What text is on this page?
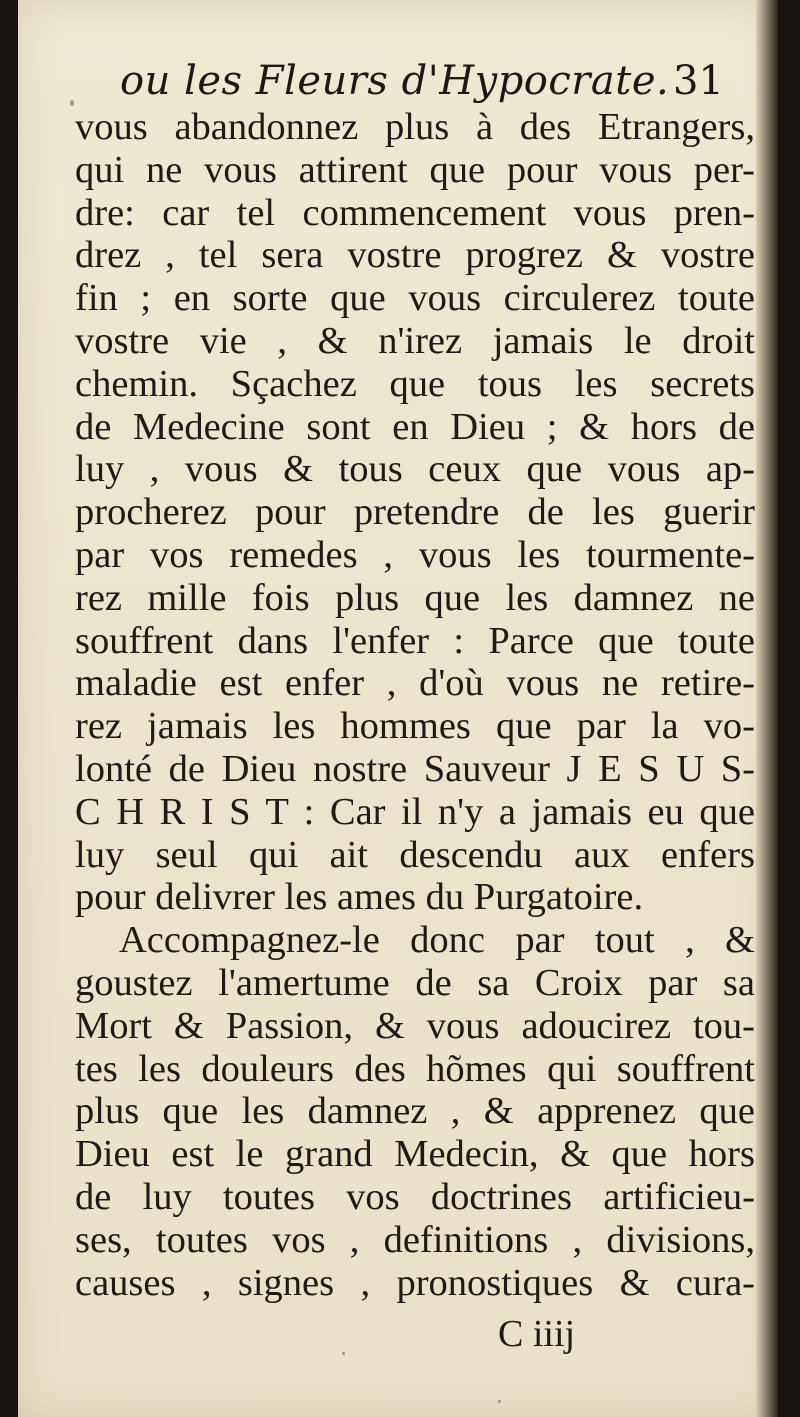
ou les Fleurs d'Hypocrate. 31
vous abandonnez plus à des Etrangers,
qui ne vous attirent que pour vous per-
dre: car tel commencement vous pren-
drez , tel sera vostre progrez & vostre
fin ; en sorte que vous circulerez toute
vostre vie , & n'irez jamais le droit
chemin. Sçachez que tous les secrets
de Medecine sont en Dieu ; & hors de
luy , vous & tous ceux que vous ap-
procherez pour pretendre de les guerir
par vos remedes , vous les tourmente-
rez mille fois plus que les damnez ne
souffrent dans l'enfer : Parce que toute
maladie est enfer , d'où vous ne retire-
rez jamais les hommes que par la vo-
lonté de Dieu nostre Sauveur J E S U S-
C H R I S T : Car il n'y a jamais eu que
luy seul qui ait descendu aux enfers
pour delivrer les ames du Purgatoire.
Accompagnez-le donc par tout , &
goustez l'amertume de sa Croix par sa
Mort & Passion, & vous adoucirez tou-
tes les douleurs des hõmes qui souffrent
plus que les damnez , & apprenez que
Dieu est le grand Medecin, & que hors
de luy toutes vos doctrines artificieu-
ses, toutes vos , definitions , divisions,
causes , signes , pronostiques & cura-
C iiij
